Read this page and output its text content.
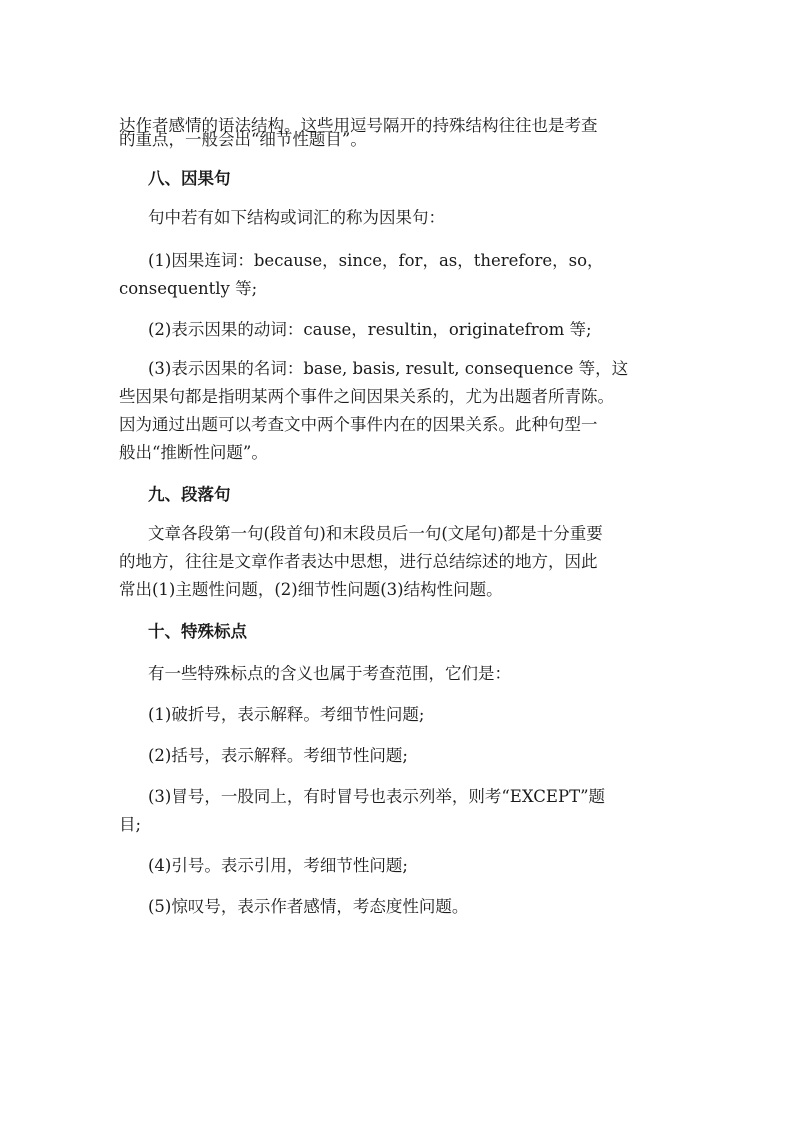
达作者感情的语法结构。这些用逗号隔开的持殊结构往往也是考查
的重点，一般会出“细节性题目”。
八、因果句
句中若有如下结构或词汇的称为因果句：
(1)因果连词：because，since，for，as，therefore，so，
consequently 等;
(2)表示因果的动词：cause，resultin，originatefrom 等;
(3)表示因果的名词：base, basis, result, consequence 等，这
些因果句都是指明某两个事件之间因果关系的，尤为出题者所青陈。
因为通过出题可以考查文中两个事件内在的因果关系。此种句型一
般出“推断性问题”。
九、段落句
文章各段第一句(段首句)和末段员后一句(文尾句)都是十分重要
的地方，往往是文章作者表达中思想，进行总结综述的地方，因此
常出(1)主题性问题，(2)细节性问题(3)结构性问题。
十、特殊标点
有一些特殊标点的含义也属于考查范围，它们是：
(1)破折号，表示解释。考细节性问题;
(2)括号，表示解释。考细节性问题;
(3)冒号，一股同上，有时冒号也表示列举，则考“EXCEPT”题
目;
(4)引号。表示引用，考细节性问题;
(5)惊叹号，表示作者感情，考态度性问题。
